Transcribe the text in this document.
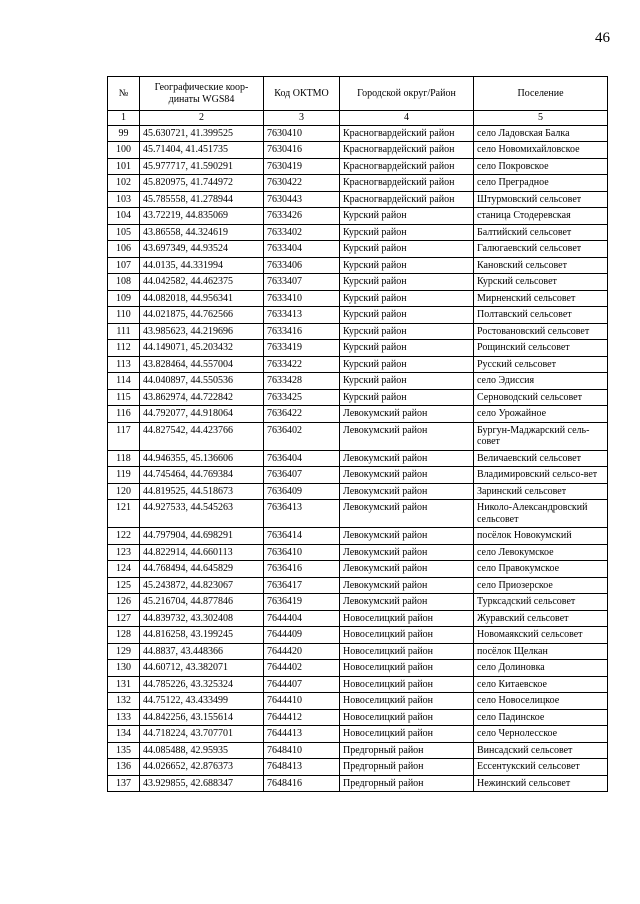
46
№	Географические коор-динаты WGS84	Код ОКТМО	Городской округ/Район	Поселение
1	2	3	4	5
99	45.630721, 41.399525	7630410	Красногвардейский район	село Ладовская Балка
100	45.71404, 41.451735	7630416	Красногвардейский район	село Новомихайловское
101	45.977717, 41.590291	7630419	Красногвардейский район	село Покровское
102	45.820975, 41.744972	7630422	Красногвардейский район	село Преградное
103	45.785558, 41.278944	7630443	Красногвардейский район	Штурмовский сельсовет
104	43.72219, 44.835069	7633426	Курский район	станица Стодеревская
105	43.86558, 44.324619	7633402	Курский район	Балтийский сельсовет
106	43.697349, 44.93524	7633404	Курский район	Галюгаевский сельсовет
107	44.0135, 44.331994	7633406	Курский район	Кановский сельсовет
108	44.042582, 44.462375	7633407	Курский район	Курский сельсовет
109	44.082018, 44.956341	7633410	Курский район	Мирненский сельсовет
110	44.021875, 44.762566	7633413	Курский район	Полтавский сельсовет
111	43.985623, 44.219696	7633416	Курский район	Ростовановский сельсовет
112	44.149071, 45.203432	7633419	Курский район	Рощинский сельсовет
113	43.828464, 44.557004	7633422	Курский район	Русский сельсовет
114	44.040897, 44.550536	7633428	Курский район	село Эдиссия
115	43.862974, 44.722842	7633425	Курский район	Серноводский сельсовет
116	44.792077, 44.918064	7636422	Левокумский район	село Урожайное
117	44.827542, 44.423766	7636402	Левокумский район	Бургун-Маджарский сель-совет
118	44.946355, 45.136606	7636404	Левокумский район	Величаевский сельсовет
119	44.745464, 44.769384	7636407	Левокумский район	Владимировский сельсо-вет
120	44.819525, 44.518673	7636409	Левокумский район	Заринский сельсовет
121	44.927533, 44.545263	7636413	Левокумский район	Николо-Александровский сельсовет
122	44.797904, 44.698291	7636414	Левокумский район	посёлок Новокумский
123	44.822914, 44.660113	7636410	Левокумский район	село Левокумское
124	44.768494, 44.645829	7636416	Левокумский район	село Правокумское
125	45.243872, 44.823067	7636417	Левокумский район	село Приозерское
126	45.216704, 44.877846	7636419	Левокумский район	Турксадский сельсовет
127	44.839732, 43.302408	7644404	Новоселицкий район	Журавский сельсовет
128	44.816258, 43.199245	7644409	Новоселицкий район	Новомаякский сельсовет
129	44.8837, 43.448366	7644420	Новоселицкий район	посёлок Щелкан
130	44.60712, 43.382071	7644402	Новоселицкий район	село Долиновка
131	44.785226, 43.325324	7644407	Новоселицкий район	село Китаевское
132	44.75122, 43.433499	7644410	Новоселицкий район	село Новоселицкое
133	44.842256, 43.155614	7644412	Новоселицкий район	село Падинское
134	44.718224, 43.707701	7644413	Новоселицкий район	село Чернолесское
135	44.085488, 42.95935	7648410	Предгорный район	Винсадский сельсовет
136	44.026652, 42.876373	7648413	Предгорный район	Ессентукский сельсовет
137	43.929855, 42.688347	7648416	Предгорный район	Нежинский сельсовет
